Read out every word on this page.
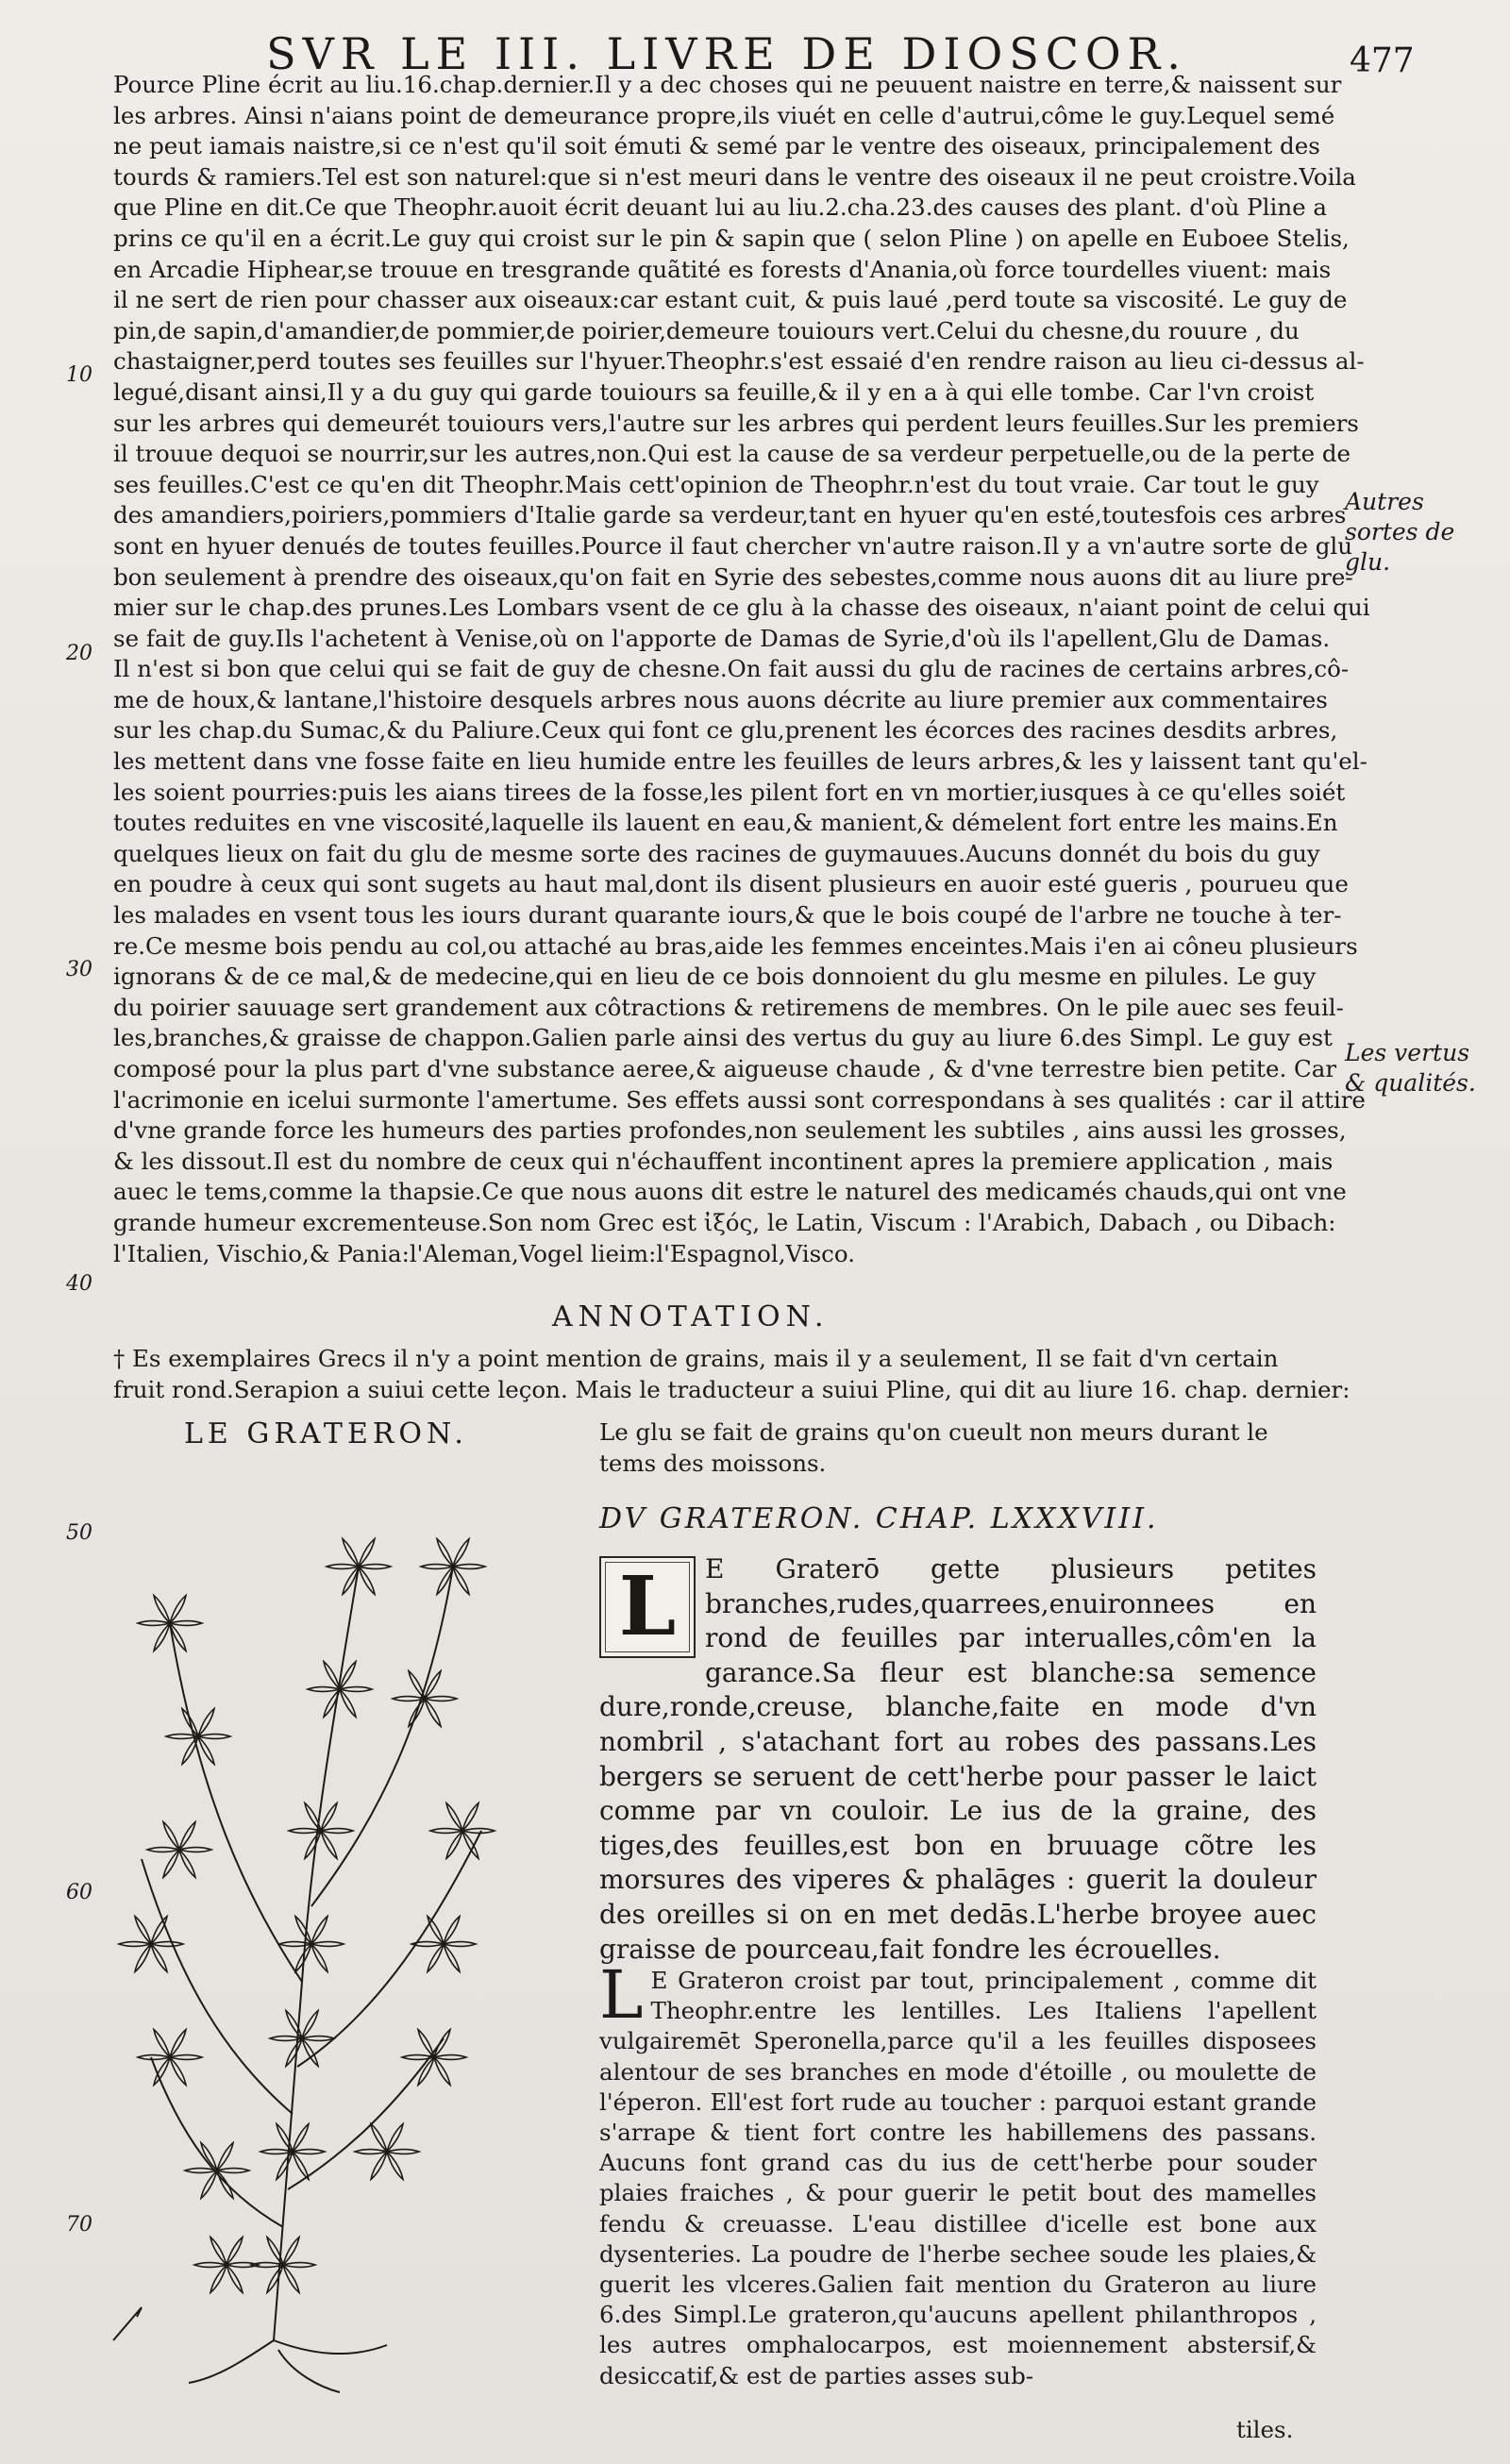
SVR LE III. LIVRE DE DIOSCOR.	477
Pource Pline écrit au liu.16.chap.dernier.Il y a dec choses qui ne peuuent naistre en terre,& naissent sur
les arbres. Ainsi n'aians point de demeurance propre,ils viuét en celle d'autrui,côme le guy.Lequel semé
ne peut iamais naistre,si ce n'est qu'il soit émuti & semé par le ventre des oiseaux, principalement des
tourds & ramiers.Tel est son naturel:que si n'est meuri dans le ventre des oiseaux il ne peut croistre.Voila
que Pline en dit.Ce que Theophr.auoit écrit deuant lui au liu.2.cha.23.des causes des plant. d'où Pline a
prins ce qu'il en a écrit.Le guy qui croist sur le pin & sapin que ( selon Pline ) on apelle en Euboee Stelis,
en Arcadie Hiphear,se trouue en tresgrande quãtité es forests d'Anania,où force tourdelles viuent: mais
il ne sert de rien pour chasser aux oiseaux:car estant cuit, & puis laué ,perd toute sa viscosité. Le guy de
pin,de sapin,d'amandier,de pommier,de poirier,demeure touiours vert.Celui du chesne,du rouure , du
chastaigner,perd toutes ses feuilles sur l'hyuer.Theophr.s'est essaié d'en rendre raison au lieu ci-dessus al-
legué,disant ainsi,Il y a du guy qui garde touiours sa feuille,& il y en a à qui elle tombe. Car l'vn croist
sur les arbres qui demeurét touiours vers,l'autre sur les arbres qui perdent leurs feuilles.Sur les premiers
il trouue dequoi se nourrir,sur les autres,non.Qui est la cause de sa verdeur perpetuelle,ou de la perte de
ses feuilles.C'est ce qu'en dit Theophr.Mais cett'opinion de Theophr.n'est du tout vraie. Car tout le guy
des amandiers,poiriers,pommiers d'Italie garde sa verdeur,tant en hyuer qu'en esté,toutesfois ces arbres
sont en hyuer denués de toutes feuilles.Pource il faut chercher vn'autre raison.Il y a vn'autre sorte de glu
bon seulement à prendre des oiseaux,qu'on fait en Syrie des sebestes,comme nous auons dit au liure pre-
mier sur le chap.des prunes.Les Lombars vsent de ce glu à la chasse des oiseaux, n'aiant point de celui qui
se fait de guy.Ils l'achetent à Venise,où on l'apporte de Damas de Syrie,d'où ils l'apellent,Glu de Damas.
Il n'est si bon que celui qui se fait de guy de chesne.On fait aussi du glu de racines de certains arbres,cô-
me de houx,& lantane,l'histoire desquels arbres nous auons décrite au liure premier aux commentaires
sur les chap.du Sumac,& du Paliure.Ceux qui font ce glu,prenent les écorces des racines desdits arbres,
les mettent dans vne fosse faite en lieu humide entre les feuilles de leurs arbres,& les y laissent tant qu'el-
les soient pourries:puis les aians tirees de la fosse,les pilent fort en vn mortier,iusques à ce qu'elles soiét
toutes reduites en vne viscosité,laquelle ils lauent en eau,& manient,& démelent fort entre les mains.En
quelques lieux on fait du glu de mesme sorte des racines de guymauues.Aucuns donnét du bois du guy
en poudre à ceux qui sont sugets au haut mal,dont ils disent plusieurs en auoir esté gueris , pourueu que
les malades en vsent tous les iours durant quarante iours,& que le bois coupé de l'arbre ne touche à ter-
re.Ce mesme bois pendu au col,ou attaché au bras,aide les femmes enceintes.Mais i'en ai côneu plusieurs
ignorans & de ce mal,& de medecine,qui en lieu de ce bois donnoient du glu mesme en pilules. Le guy
du poirier sauuage sert grandement aux côtractions & retiremens de membres. On le pile auec ses feuil-
les,branches,& graisse de chappon.Galien parle ainsi des vertus du guy au liure 6.des Simpl. Le guy est
composé pour la plus part d'vne substance aeree,& aigueuse chaude , & d'vne terrestre bien petite. Car
l'acrimonie en icelui surmonte l'amertume. Ses effets aussi sont correspondans à ses qualités : car il attire
d'vne grande force les humeurs des parties profondes,non seulement les subtiles , ains aussi les grosses,
& les dissout.Il est du nombre de ceux qui n'échauffent incontinent apres la premiere application , mais
auec le tems,comme la thapsie.Ce que nous auons dit estre le naturel des medicamés chauds,qui ont vne
grande humeur excrementeuse.Son nom Grec est ἰξός, le Latin, Viscum : l'Arabich, Dabach , ou Dibach:
l'Italien, Vischio,& Pania:l'Aleman,Vogel lieim:l'Espagnol,Visco.
10
20
30
40
50
60
70
Autres sortes de glu.
Les vertus & qualités.
ANNOTATION.
† Es exemplaires Grecs il n'y a point mention de grains, mais il y a seulement, Il se fait d'vn certain
fruit rond.Serapion a suiui cette leçon. Mais le traducteur a suiui Pline, qui dit au liure 16. chap. dernier:
Le glu se fait de grains qu'on cueult non meurs durant le
tems des moissons.
LE GRATERON.
DV GRATERON. CHAP. LXXXVIII.
L	E Graterō gette plusieurs petites branches,rudes,quarrees,enuironnees en rond de feuilles par interualles,côm'en la garance.Sa fleur est blanche:sa semence dure,ronde,creuse, blanche,faite en mode d'vn nombril , s'atachant fort au robes des passans.Les bergers se seruent de cett'herbe pour passer le laict comme par vn couloir. Le ius de la graine, des tiges,des feuilles,est bon en bruuage cõtre les morsures des viperes & phalāges : guerit la douleur des oreilles si on en met dedās.L'herbe broyee auec graisse de pourceau,fait fondre les écrouelles.

L E Grateron croist par tout, principalement , comme dit Theophr.entre les lentilles. Les Italiens l'apellent vulgairemēt Speronella,parce qu'il a les feuilles disposees alentour de ses branches en mode d'étoille , ou moulette de l'éperon. Ell'est fort rude au toucher : parquoi estant grande s'arrape & tient fort contre les habillemens des passans. Aucuns font grand cas du ius de cett'herbe pour souder plaies fraiches , & pour guerir le petit bout des mamelles fendu & creuasse. L'eau distillee d'icelle est bone aux dysenteries. La poudre de l'herbe sechee soude les plaies,& guerit les vlceres.Galien fait mention du Grateron au liure 6.des Simpl.Le grateron,qu'aucuns apellent philanthropos , les autres omphalocarpos, est moiennement abstersif,& desiccatif,& est de parties asses sub-

tiles.
